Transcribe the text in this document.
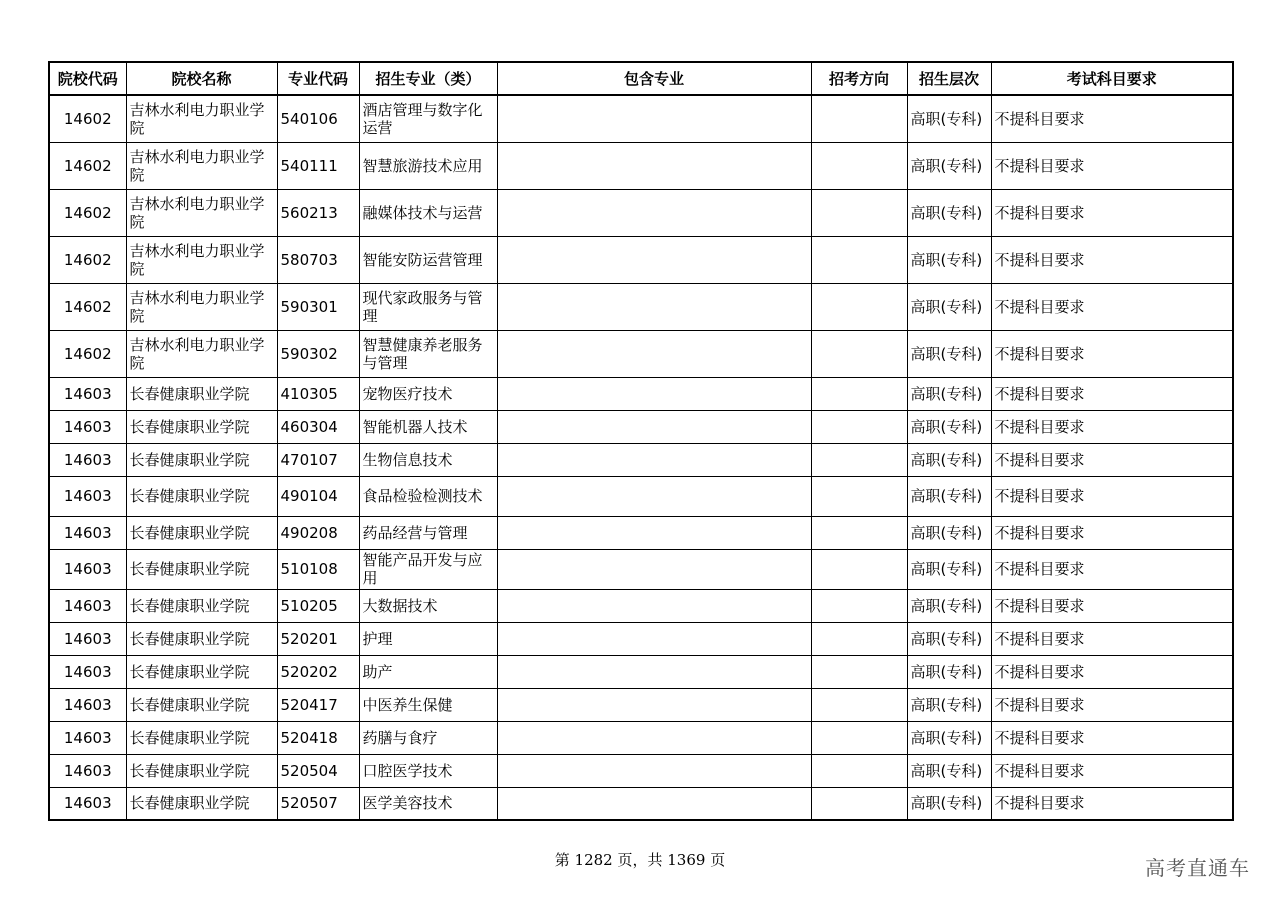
院校代码	院校名称	专业代码	招生专业（类）	包含专业	招考方向	招生层次	考试科目要求
14602	吉林水利电力职业学院	540106	酒店管理与数字化运营			高职(专科)	不提科目要求
14602	吉林水利电力职业学院	540111	智慧旅游技术应用			高职(专科)	不提科目要求
14602	吉林水利电力职业学院	560213	融媒体技术与运营			高职(专科)	不提科目要求
14602	吉林水利电力职业学院	580703	智能安防运营管理			高职(专科)	不提科目要求
14602	吉林水利电力职业学院	590301	现代家政服务与管理			高职(专科)	不提科目要求
14602	吉林水利电力职业学院	590302	智慧健康养老服务与管理			高职(专科)	不提科目要求
14603	长春健康职业学院	410305	宠物医疗技术			高职(专科)	不提科目要求
14603	长春健康职业学院	460304	智能机器人技术			高职(专科)	不提科目要求
14603	长春健康职业学院	470107	生物信息技术			高职(专科)	不提科目要求
14603	长春健康职业学院	490104	食品检验检测技术			高职(专科)	不提科目要求
14603	长春健康职业学院	490208	药品经营与管理			高职(专科)	不提科目要求
14603	长春健康职业学院	510108	智能产品开发与应用			高职(专科)	不提科目要求
14603	长春健康职业学院	510205	大数据技术			高职(专科)	不提科目要求
14603	长春健康职业学院	520201	护理			高职(专科)	不提科目要求
14603	长春健康职业学院	520202	助产			高职(专科)	不提科目要求
14603	长春健康职业学院	520417	中医养生保健			高职(专科)	不提科目要求
14603	长春健康职业学院	520418	药膳与食疗			高职(专科)	不提科目要求
14603	长春健康职业学院	520504	口腔医学技术			高职(专科)	不提科目要求
14603	长春健康职业学院	520507	医学美容技术			高职(专科)	不提科目要求
第 1282 页，共 1369 页	高考直通车
